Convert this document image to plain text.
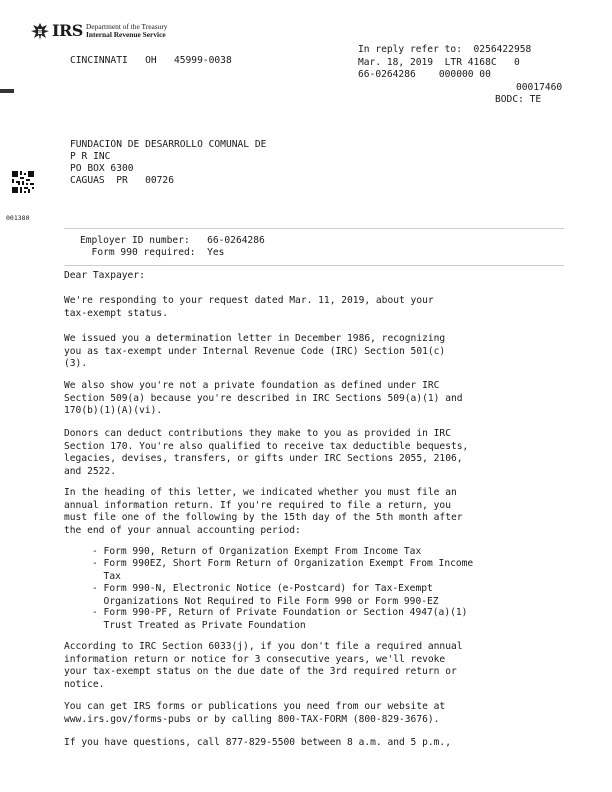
IRS Department of the Treasury
Internal Revenue Service
CINCINNATI   OH   45999-0038
In reply refer to:  0256422958
Mar. 18, 2019  LTR 4168C   0
66-0264286    000000 00
00017460
BODC: TE
FUNDACION DE DESARROLLO COMUNAL DE
P R INC
PO BOX 6300
CAGUAS  PR   00726
001380
Employer ID number:   66-0264286
Form 990 required:  Yes
Dear Taxpayer:
We're responding to your request dated Mar. 11, 2019, about your
tax-exempt status.
We issued you a determination letter in December 1986, recognizing
you as tax-exempt under Internal Revenue Code (IRC) Section 501(c)
(3).
We also show you're not a private foundation as defined under IRC
Section 509(a) because you're described in IRC Sections 509(a)(1) and
170(b)(1)(A)(vi).
Donors can deduct contributions they make to you as provided in IRC
Section 170. You're also qualified to receive tax deductible bequests,
legacies, devises, transfers, or gifts under IRC Sections 2055, 2106,
and 2522.
In the heading of this letter, we indicated whether you must file an
annual information return. If you're required to file a return, you
must file one of the following by the 15th day of the 5th month after
the end of your annual accounting period:
- Form 990, Return of Organization Exempt From Income Tax
- Form 990EZ, Short Form Return of Organization Exempt From Income
Tax
- Form 990-N, Electronic Notice (e-Postcard) for Tax-Exempt
Organizations Not Required to File Form 990 or Form 990-EZ
- Form 990-PF, Return of Private Foundation or Section 4947(a)(1)
Trust Treated as Private Foundation
According to IRC Section 6033(j), if you don't file a required annual
information return or notice for 3 consecutive years, we'll revoke
your tax-exempt status on the due date of the 3rd required return or
notice.
You can get IRS forms or publications you need from our website at
www.irs.gov/forms-pubs or by calling 800-TAX-FORM (800-829-3676).
If you have questions, call 877-829-5500 between 8 a.m. and 5 p.m.,
